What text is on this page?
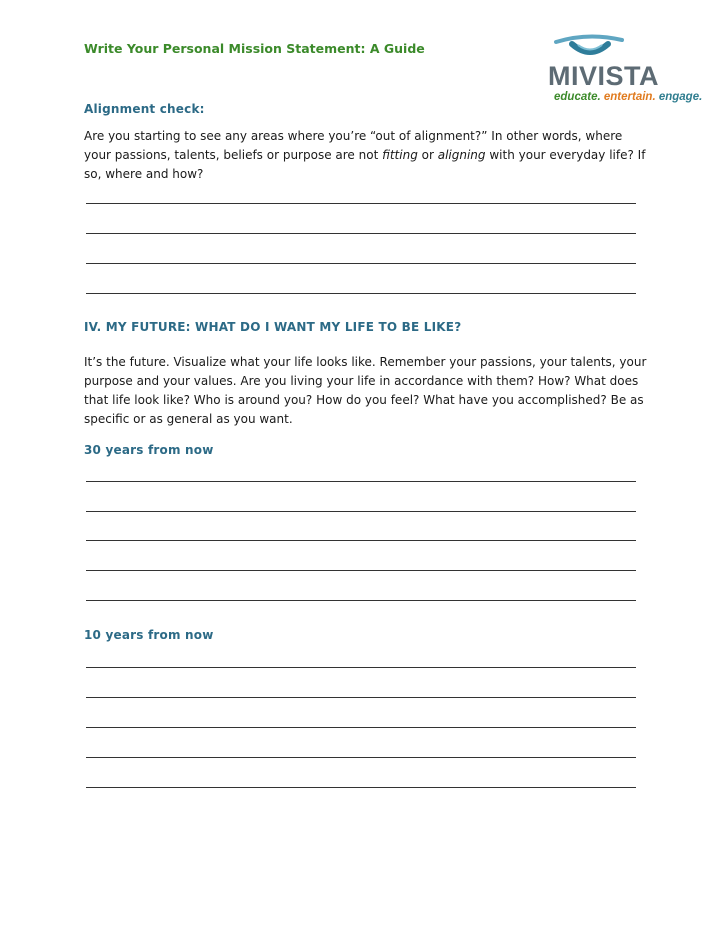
Write Your Personal Mission Statement: A Guide
MIVISTA
educate. entertain. engage.
Alignment check:

Are you starting to see any areas where you’re “out of alignment?” In other words, where your passions, talents, beliefs or purpose are not fitting or aligning with your everyday life? If so, where and how?

IV. MY FUTURE: WHAT DO I WANT MY LIFE TO BE LIKE?

It’s the future. Visualize what your life looks like. Remember your passions, your talents, your purpose and your values. Are you living your life in accordance with them? How? What does that life look like? Who is around you? How do you feel? What have you accomplished? Be as specific or as general as you want.

30 years from now
10 years from now
